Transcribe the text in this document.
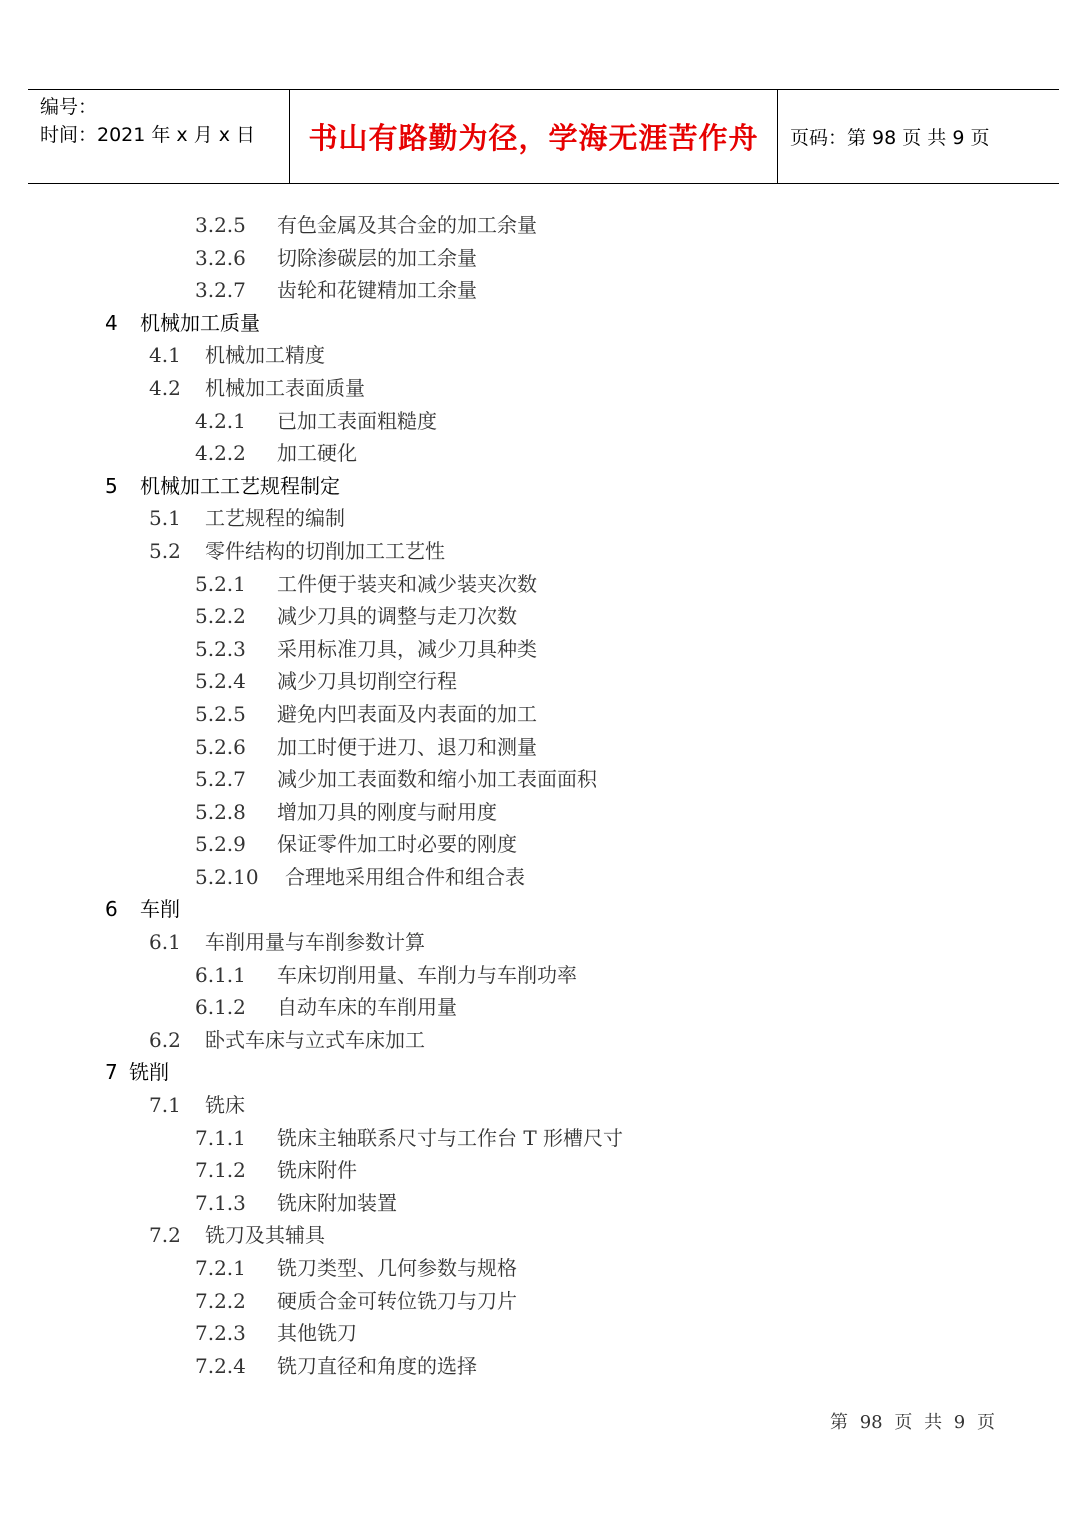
编号：
时间：2021 年 x 月 x 日	书山有路勤为径，学海无涯苦作舟	页码：第 98 页 共 9 页
3.2.5 有色金属及其合金的加工余量
3.2.6 切除渗碳层的加工余量
3.2.7 齿轮和花键精加工余量
4 机械加工质量
4.1 机械加工精度
4.2 机械加工表面质量
4.2.1 已加工表面粗糙度
4.2.2 加工硬化
5 机械加工工艺规程制定
5.1 工艺规程的编制
5.2 零件结构的切削加工工艺性
5.2.1 工件便于装夹和减少装夹次数
5.2.2 减少刀具的调整与走刀次数
5.2.3 采用标准刀具，减少刀具种类
5.2.4 减少刀具切削空行程
5.2.5 避免内凹表面及内表面的加工
5.2.6 加工时便于进刀、退刀和测量
5.2.7 减少加工表面数和缩小加工表面面积
5.2.8 增加刀具的刚度与耐用度
5.2.9 保证零件加工时必要的刚度
5.2.10 合理地采用组合件和组合表
6 车削
6.1 车削用量与车削参数计算
6.1.1 车床切削用量、车削力与车削功率
6.1.2 自动车床的车削用量
6.2 卧式车床与立式车床加工
7 铣削
7.1 铣床
7.1.1 铣床主轴联系尺寸与工作台 T 形槽尺寸
7.1.2 铣床附件
7.1.3 铣床附加装置
7.2 铣刀及其辅具
7.2.1 铣刀类型、几何参数与规格
7.2.2 硬质合金可转位铣刀与刀片
7.2.3 其他铣刀
7.2.4 铣刀直径和角度的选择
第 98 页 共 9 页
